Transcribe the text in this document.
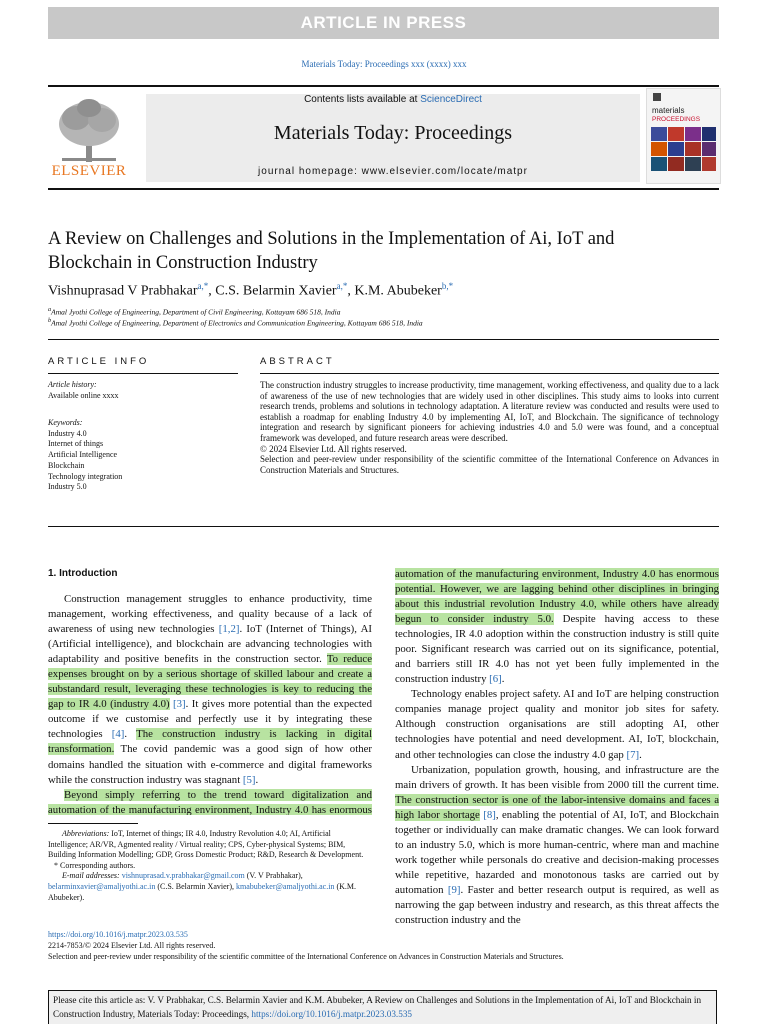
ARTICLE IN PRESS
Materials Today: Proceedings xxx (xxxx) xxx
ELSEVIER
Contents lists available at ScienceDirect
Materials Today: Proceedings
journal homepage: www.elsevier.com/locate/matpr
materials
PROCEEDINGS
A Review on Challenges and Solutions in the Implementation of Ai, IoT and Blockchain in Construction Industry
Vishnuprasad V Prabhakar$^{a,*}$, C.S. Belarmin Xavier$^{a,*}$, K.M. Abubeker$^{b,*}$
$^a$Amal Jyothi College of Engineering, Department of Civil Engineering, Kottayam 686 518, India
$^b$Amal Jyothi College of Engineering, Department of Electronics and Communication Engineering, Kottayam 686 518, India
ARTICLE INFO	ABSTRACT
Article history:
Available online xxxx
Keywords:
Industry 4.0
Internet of things
Artificial Intelligence
Blockchain
Technology integration
Industry 5.0
The construction industry struggles to increase productivity, time management, working effectiveness, and quality due to a lack of awareness of the use of new technologies that are widely used in other disciplines. This study aims to looks into current research trends, problems and solutions in technology adaptation. A literature review was conducted and results were used to establish a roadmap for enabling Industry 4.0 by implementing AI, IoT, and Blockchain. The significance of technology integration and research by significant pioneers for achieving industries 4.0 and 5.0 were was found, and a conceptual framework was developed, and future research areas were described.
© 2024 Elsevier Ltd. All rights reserved.
Selection and peer-review under responsibility of the scientific committee of the International Conference on Advances in Construction Materials and Structures.
1. Introduction

Construction management struggles to enhance productivity, time management, working effectiveness, and quality because of a lack of awareness of using new technologies [1,2]. IoT (Internet of Things), AI (Artificial intelligence), and blockchain are advancing technologies with adaptability and positive benefits in the construction sector. To reduce expenses brought on by a serious shortage of skilled labour and create a substandard result, leveraging these technologies is key to reducing the gap to IR 4.0 (industry 4.0) [3]. It gives more potential than the expected outcome if we customise and perfectly use it by integrating these technologies [4]. The construction industry is lacking in digital transformation. The covid pandemic was a good sign of how other domains handled the situation with e-commerce and digital frameworks while the construction industry was stagnant [5].

Beyond simply referring to the trend toward digitalization and automation of the manufacturing environment, Industry 4.0 has enormous

automation of the manufacturing environment, Industry 4.0 has enormous potential. However, we are lagging behind other disciplines in bringing about this industrial revolution Industry 4.0, while others have already begun to consider industry 5.0. Despite having access to these technologies, IR 4.0 adoption within the construction industry is still quite poor. Significant research was carried out on its significance, potential, and barriers still IR 4.0 has not yet been fully implemented in the construction industry [6].

Technology enables project safety. AI and IoT are helping construction companies manage project quality and monitor job sites for safety. Although construction organisations are still adopting AI, other technologies have potential and need development. AI, IoT, blockchain, and other technologies can close the industry 4.0 gap [7].

Urbanization, population growth, housing, and infrastructure are the main drivers of growth. It has been visible from 2000 till the current time. The construction sector is one of the labor-intensive domains and faces a high labor shortage [8], enabling the potential of AI, IoT, and Blockchain together or individually can make dramatic changes. We can look forward to an industry 5.0, which is more human-centric, where man and machine work together while personals do creative and decision-making processes while repetitive, hazarded and monotonous tasks are carried out by automation [9]. Faster and better research output is required, as well as narrowing the gap between industry and research, as this threat affects the construction industry and the

Abbreviations: IoT, Internet of things; IR 4.0, Industry Revolution 4.0; AI, Artificial Intelligence; AR/VR, Agmented reality / Virtual reality; CPS, Cyber-physical Systems; BIM, Building Information Modelling; GDP, Gross Domestic Product; R&D, Research & Development.
* Corresponding authors.
E-mail addresses: vishnuprasad.v.prabhakar@gmail.com (V. V Prabhakar), belarminxavier@amaljyothi.ac.in (C.S. Belarmin Xavier), kmabubeker@amaljyothi.ac.in (K.M. Abubeker).
https://doi.org/10.1016/j.matpr.2023.03.535
2214-7853/© 2024 Elsevier Ltd. All rights reserved.
Selection and peer-review under responsibility of the scientific committee of the International Conference on Advances in Construction Materials and Structures.
Please cite this article as: V. V Prabhakar, C.S. Belarmin Xavier and K.M. Abubeker, A Review on Challenges and Solutions in the Implementation of Ai, IoT and Blockchain in Construction Industry, Materials Today: Proceedings, https://doi.org/10.1016/j.matpr.2023.03.535
